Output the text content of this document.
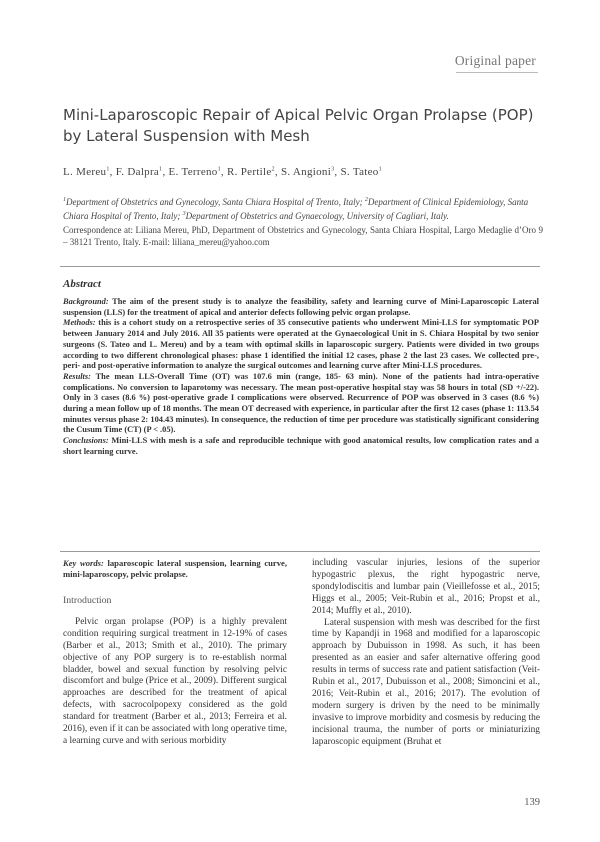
Original paper
Mini-Laparoscopic Repair of Apical Pelvic Organ Prolapse (POP) by Lateral Suspension with Mesh
L. Mereu$^1$, F. Dalpra$^1$, E. Terreno$^1$, R. Pertile$^2$, S. Angioni$^3$, S. Tateo$^1$
$^1$Department of Obstetrics and Gynecology, Santa Chiara Hospital of Trento, Italy; $^2$Department of Clinical Epidemiology, Santa Chiara Hospital of Trento, Italy; $^3$Department of Obstetrics and Gynaecology, University of Cagliari, Italy.
Correspondence at: Liliana Mereu, PhD, Department of Obstetrics and Gynecology, Santa Chiara Hospital, Largo Medaglie d’Oro 9 – 38121 Trento, Italy. E-mail: liliana_mereu@yahoo.com
Abstract

Background: The aim of the present study is to analyze the feasibility, safety and learning curve of Mini-Laparoscopic Lateral suspension (LLS) for the treatment of apical and anterior defects following pelvic organ prolapse.

Methods: this is a cohort study on a retrospective series of 35 consecutive patients who underwent Mini-LLS for symptomatic POP between January 2014 and July 2016. All 35 patients were operated at the Gynaecological Unit in S. Chiara Hospital by two senior surgeons (S. Tateo and L. Mereu) and by a team with optimal skills in laparoscopic surgery. Patients were divided in two groups according to two different chronological phases: phase 1 identified the initial 12 cases, phase 2 the last 23 cases. We collected pre-, peri- and post-operative information to analyze the surgical outcomes and learning curve after Mini-LLS procedures.

Results: The mean LLS-Overall Time (OT) was 107.6 min (range, 185- 63 min). None of the patients had intra-operative complications. No conversion to laparotomy was necessary. The mean post-operative hospital stay was 58 hours in total (SD +/-22). Only in 3 cases (8.6 %) post-operative grade I complications were observed. Recurrence of POP was observed in 3 cases (8.6 %) during a mean follow up of 18 months. The mean OT decreased with experience, in particular after the first 12 cases (phase 1: 113.54 minutes versus phase 2: 104.43 minutes). In consequence, the reduction of time per procedure was statistically significant considering the Cusum Time (CT) (P < .05).

Conclusions: Mini-LLS with mesh is a safe and reproducible technique with good anatomical results, low complication rates and a short learning curve.

Key words: laparoscopic lateral suspension, learning curve, mini-laparoscopy, pelvic prolapse.

Introduction

Pelvic organ prolapse (POP) is a highly prevalent condition requiring surgical treatment in 12-19% of cases (Barber et al., 2013; Smith et al., 2010). The primary objective of any POP surgery is to re-establish normal bladder, bowel and sexual function by resolving pelvic discomfort and bulge (Price et al., 2009). Different surgical approaches are described for the treatment of apical defects, with sacrocolpopexy considered as the gold standard for treatment (Barber et al., 2013; Ferreira et al. 2016), even if it can be associated with long operative time, a learning curve and with serious morbidity

including vascular injuries, lesions of the superior hypogastric plexus, the right hypogastric nerve, spondylodiscitis and lumbar pain (Vieillefosse et al., 2015; Higgs et al., 2005; Veit-Rubin et al., 2016; Propst et al., 2014; Muffly et al., 2010).

Lateral suspension with mesh was described for the first time by Kapandji in 1968 and modified for a laparoscopic approach by Dubuisson in 1998. As such, it has been presented as an easier and safer alternative offering good results in terms of success rate and patient satisfaction (Veit-Rubin et al., 2017, Dubuisson et al., 2008; Simoncini et al., 2016; Veit-Rubin et al., 2016; 2017). The evolution of modern surgery is driven by the need to be minimally invasive to improve morbidity and cosmesis by reducing the incisional trauma, the number of ports or miniaturizing laparoscopic equipment (Bruhat et

139
